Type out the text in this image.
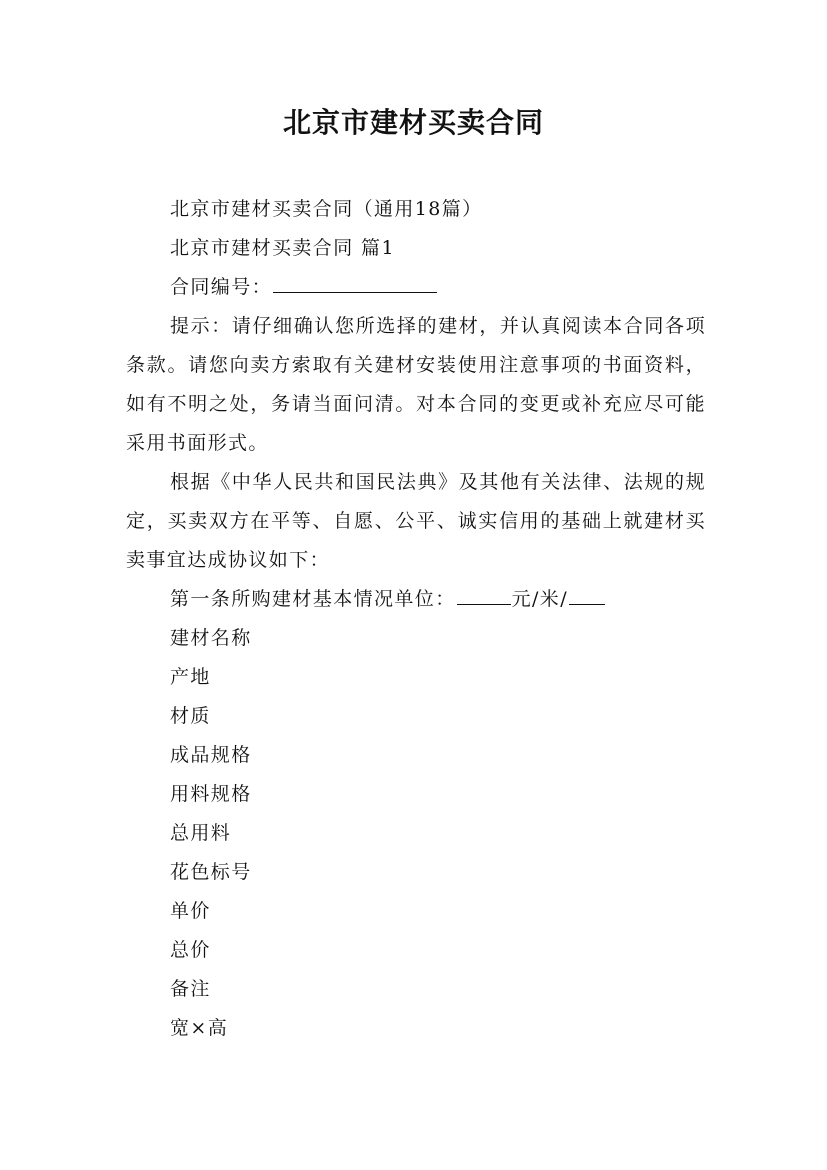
北京市建材买卖合同

北京市建材买卖合同（通用18篇）

北京市建材买卖合同 篇1

合同编号：

提示：请仔细确认您所选择的建材，并认真阅读本合同各项条款。请您向卖方索取有关建材安装使用注意事项的书面资料，如有不明之处，务请当面问清。对本合同的变更或补充应尽可能采用书面形式。

根据《中华人民共和国民法典》及其他有关法律、法规的规定，买卖双方在平等、自愿、公平、诚实信用的基础上就建材买卖事宜达成协议如下：

第一条所购建材基本情况单位：	元/米/

建材名称

产地

材质

成品规格

用料规格

总用料

花色标号

单价

总价

备注

宽×高
